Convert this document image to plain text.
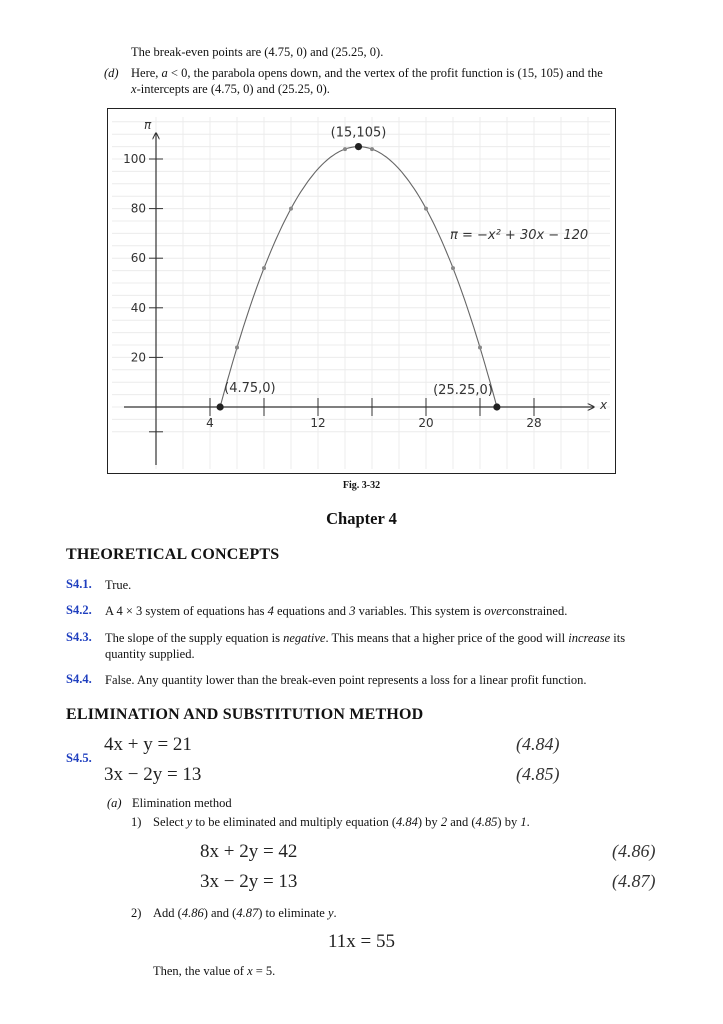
The break-even points are (4.75, 0) and (25.25, 0).
(d) Here, a < 0, the parabola opens down, and the vertex of the profit function is (15, 105) and the
x-intercepts are (4.75, 0) and (25.25, 0).
x
π
20
40
60
80
100
4	12	20	28
(15,105)
(4.75,0)	(25.25,0)
π = −x² + 30x − 120
Fig. 3-32
Chapter 4
THEORETICAL CONCEPTS
S4.1. True.
S4.2. A 4 × 3 system of equations has 4 equations and 3 variables. This system is overconstrained.
S4.3. The slope of the supply equation is negative. This means that a higher price of the good will increase its quantity supplied.
S4.4. False. Any quantity lower than the break-even point represents a loss for a linear profit function.
ELIMINATION AND SUBSTITUTION METHOD
S4.5.
4x + y = 21	(4.84)
3x − 2y = 13	(4.85)
(a) Elimination method
1) Select y to be eliminated and multiply equation (4.84) by 2 and (4.85) by 1.
8x + 2y = 42	(4.86)
3x − 2y = 13	(4.87)
2) Add (4.86) and (4.87) to eliminate y.
11x = 55
Then, the value of x = 5.
